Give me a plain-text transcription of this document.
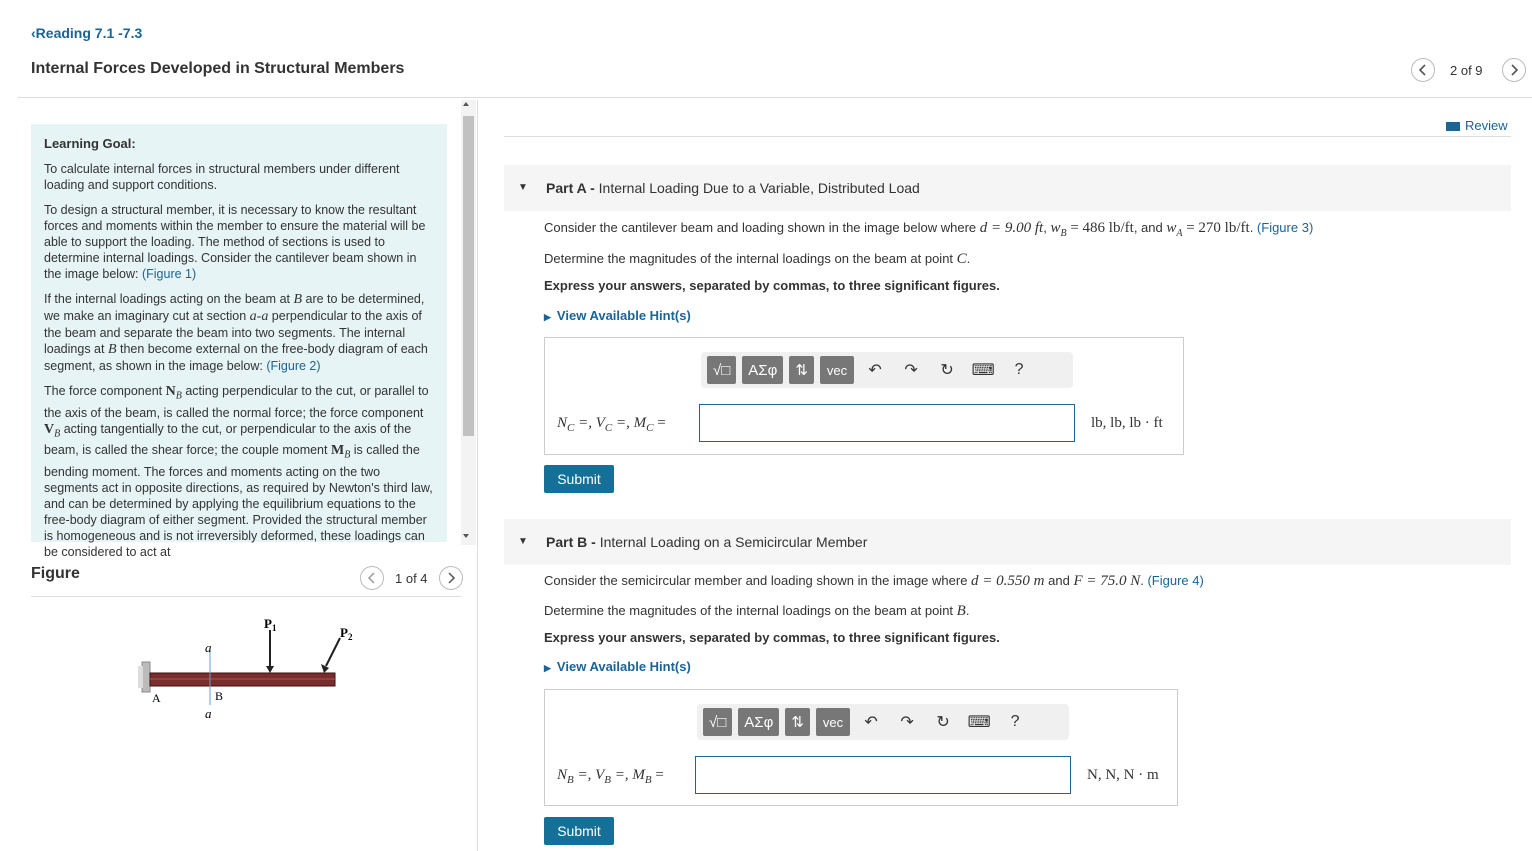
‹Reading 7.1 -7.3
Internal Forces Developed in Structural Members	2 of 9

Learning Goal:

To calculate internal forces in structural members under different loading and support conditions.

To design a structural member, it is necessary to know the resultant forces and moments within the member to ensure the material will be able to support the loading. The method of sections is used to determine internal loadings. Consider the cantilever beam shown in the image below: (Figure 1)

If the internal loadings acting on the beam at B are to be determined, we make an imaginary cut at section a-a perpendicular to the axis of the beam and separate the beam into two segments. The internal loadings at B then become external on the free-body diagram of each segment, as shown in the image below: (Figure 2)

The force component $N_B$ acting perpendicular to the cut, or parallel to the axis of the beam, is called the normal force; the force component $V_B$ acting tangentially to the cut, or perpendicular to the axis of the beam, is called the shear force; the couple moment $M_B$ is called the bending moment. The forces and moments acting on the two segments act in opposite directions, as required by Newton's third law, and can be determined by applying the equilibrium equations to the free-body diagram of either segment. Provided the structural member is homogeneous and is not irreversibly deformed, these loadings can be considered to act at

Figure	1 of 4
$P_1$	$P_2$
a
a
A	B
Review
▼ Part A - Internal Loading Due to a Variable, Distributed Load
Consider the cantilever beam and loading shown in the image below where d = 9.00 ft, $w_B = 486$ lb/ft, and $w_A = 270$ lb/ft. (Figure 3)
Determine the magnitudes of the internal loadings on the beam at point C.
Express your answers, separated by commas, to three significant figures.
▶ View Available Hint(s)
√□	ΑΣφ	⇅	vec	↶	↷	↻	⌨	?
$N_C$ =, $V_C$ =, $M_C$ =	lb, lb, lb · ft
Submit
▼ Part B - Internal Loading on a Semicircular Member
Consider the semicircular member and loading shown in the image where d = 0.550 m and F = 75.0 N. (Figure 4)
Determine the magnitudes of the internal loadings on the beam at point B.
Express your answers, separated by commas, to three significant figures.
▶ View Available Hint(s)
√□	ΑΣφ	⇅	vec	↶	↷	↻	⌨	?
$N_B$ =, $V_B$ =, $M_B$ =	N, N, N · m
Submit
